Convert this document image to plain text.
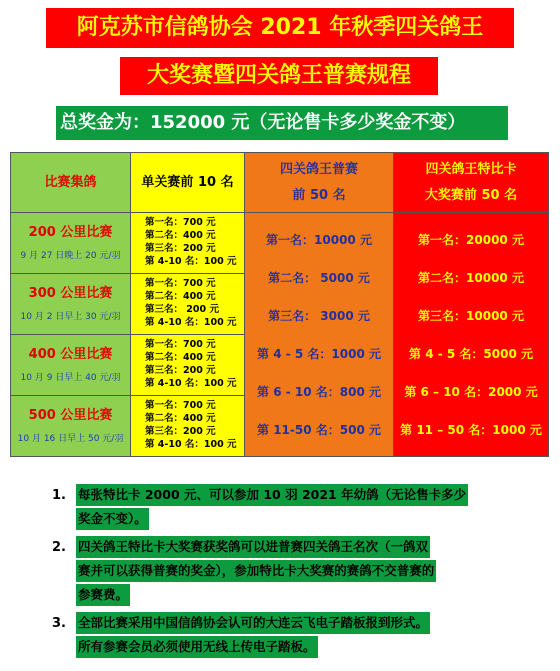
阿克苏市信鸽协会 2021 年秋季四关鸽王
大奖赛暨四关鸽王普赛规程
总奖金为：152000 元（无论售卡多少奖金不变）
比赛集鸽	单关赛前 10 名
四关鸽王普赛
前 50 名
四关鸽王特比卡
大奖赛前 50 名
200 公里比赛
9 月 27 日晚上 20 元/羽
第一名：700 元
第二名：400 元
第三名：200 元
第 4-10 名：100 元
300 公里比赛
10 月 2 日早上 30 元/羽
第一名：700 元
第二名：400 元
第三名： 200 元
第 4-10 名：100 元
400 公里比赛
10 月 9 日早上 40 元/羽
第一名：700 元
第二名：400 元
第三名：200 元
第 4-10 名：100 元
500 公里比赛
10 月 16 日早上 50 元/羽
第一名：700 元
第二名：400 元
第三名：200 元
第 4-10 名：100 元
第一名：10000 元
第二名： 5000 元
第三名： 3000 元
第 4 - 5 名：1000 元
第 6 - 10 名：800 元
第 11-50 名：500 元
第一名：20000 元
第二名：10000 元
第三名：10000 元
第 4 - 5 名：5000 元
第 6 – 10 名：2000 元
第 11 – 50 名：1000 元
1. 每张特比卡 2000 元、可以参加 10 羽 2021 年幼鸽（无论售卡多少
奖金不变）。
2. 四关鸽王特比卡大奖赛获奖鸽可以进普赛四关鸽王名次（一鸽双
赛并可以获得普赛的奖金），参加特比卡大奖赛的赛鸽不交普赛的
参赛费。
3. 全部比赛采用中国信鸽协会认可的大连云飞电子踏板报到形式。
所有参赛会员必须使用无线上传电子踏板。
